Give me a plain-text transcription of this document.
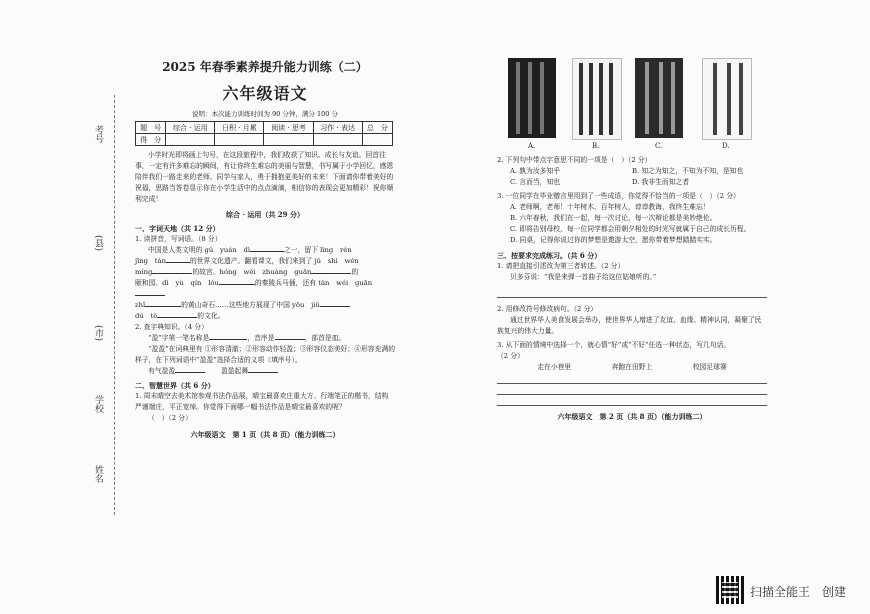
考号
(县)
(市)
学校
姓名
2025 年春季素养提升能力训练（二）
六年级语文
说明：本次能力训练时间为 90 分钟，满分 100 分
题　号	综合 · 运用	日积 · 月累	阅读 · 思考	习作 · 表达	总　分
得　分					
小学时光即将画上句号，在这段旅程中，我们收获了知识、成长与友谊。回首往事，一定有许多难忘的瞬间，有让你终生难忘的美丽与智慧，书写属于小学回忆，感恩陪伴我们一路走来的老师、同学与家人，勇于拥抱更美好的未来！下面请你带着美好的祝福，思路当答卷显示你在小学生活中的点点滴滴，相信你的表现会更加精彩！祝你顺利完成！
综合 · 运用（共 29 分）
一、字词天地（共 12 分）
1. 读拼音，写词语。（8 分）
中国是人类文明的 gǔ　yuán　dì	之一，留下 lìng　rén
jīng　tàn	的世界文化遗产。翻看课文，我们来到了 jǔ　shì　wén
míng	的故宫、hóng　wěi　zhuàng　guān	的
颐和园、dì　yù　qín　lóu	的秦陵兵马俑，还有 tàn　wéi　guān
zhǐ	的黄山奇石……这些地方展现了中国 yōu　jiǔ
dú　tè	的文化。
2. 查字典知识。（4 分）
“盈”字第一笔名称是	，音序是	，部首是皿。
“盈盈”在词典里有 ①形容清澈；②形容动作轻盈；③形容仪态美好；④形容充满的样子，在下列词语中“盈盈”选择合适的义项（填序号）。
有气盈盈　　	盈盈起舞
二、智慧世界（共 6 分）
1. 周末晴空去美术馆参观书法作品展，晴宝最喜欢庄重大方、行端笔正的楷书，结构严谨端庄，平正宽绰。你觉得下面哪一幅书法作品是晴宝最喜欢的呢？
（　）（2 分）
六年级语文　第 1 页（共 8 页）（能力训练二）
A.	B.	C.	D.
2. 下列句中带点字意思不同的一项是（　）（2 分）
A. 孰为汝多知乎	B. 知之为知之，不知为不知，是知也
C. 言而当，知也	D. 我非生而知之者
3. 一位同学在毕业赠言里用到了一些成语，你觉得不恰当的一项是（　）（2 分）
A. 老师啊，老师！十年树木、百年树人，谆谆教诲，我终生难忘！
B. 六年春秋，我们在一起，每一次讨论，每一次辩论都是美妙绝伦。
C. 即将告别母校，每一位同学都会用朝夕相处的时光写就属于自己的成长历程。
D. 同桌，记得你说过你的梦想是遨游太空，愿你带着梦想踏踏实实。
三、按要求完成练习。（共 6 分）
1. 请把直接引述改为第三者转述。（2 分）
贝多芬说：“我是来弹一首曲子给这位姑娘听的。”
2. 用修改符号修改病句。（2 分）
通过世界华人美食发展会举办，使世界华人增进了友谊、血缘、精神认同，凝聚了民族复兴的伟大力量。
3. 从下面的情境中选择一个，就心情“好”或“不好”任选一种状态，写几句话。
（2 分）
走在小巷里	奔跑在田野上	校园足球赛
六年级语文　第 2 页（共 8 页）（能力训练二）
扫描全能王　创建
